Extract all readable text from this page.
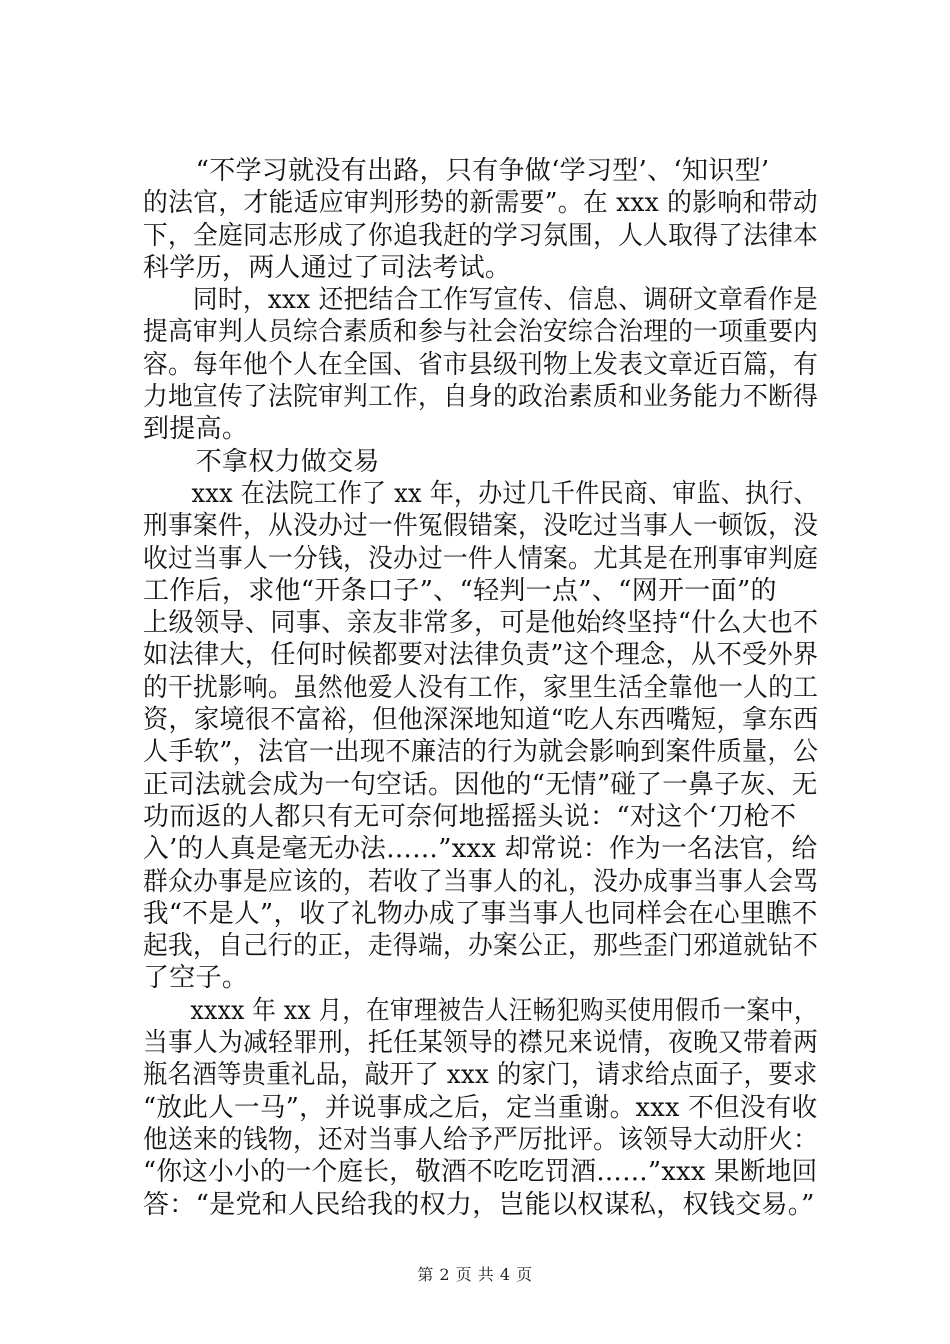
　　“不学习就没有出路，只有争做‘学习型’、‘知识型’
的法官，才能适应审判形势的新需要”。在 xxx 的影响和带动
下，全庭同志形成了你追我赶的学习氛围，人人取得了法律本
科学历，两人通过了司法考试。
　　同时，xxx 还把结合工作写宣传、信息、调研文章看作是
提高审判人员综合素质和参与社会治安综合治理的一项重要内
容。每年他个人在全国、省市县级刊物上发表文章近百篇，有
力地宣传了法院审判工作，自身的政治素质和业务能力不断得
到提高。
　　不拿权力做交易
　　xxx 在法院工作了 xx 年，办过几千件民商、审监、执行、
刑事案件，从没办过一件冤假错案，没吃过当事人一顿饭，没
收过当事人一分钱，没办过一件人情案。尤其是在刑事审判庭
工作后，求他“开条口子”、“轻判一点”、“网开一面”的
上级领导、同事、亲友非常多，可是他始终坚持“什么大也不
如法律大，任何时候都要对法律负责”这个理念，从不受外界
的干扰影响。虽然他爱人没有工作，家里生活全靠他一人的工
资，家境很不富裕，但他深深地知道“吃人东西嘴短，拿东西
人手软”，法官一出现不廉洁的行为就会影响到案件质量，公
正司法就会成为一句空话。因他的“无情”碰了一鼻子灰、无
功而返的人都只有无可奈何地摇摇头说：“对这个‘刀枪不
入’的人真是毫无办法……”xxx 却常说：作为一名法官，给
群众办事是应该的，若收了当事人的礼，没办成事当事人会骂
我“不是人”，收了礼物办成了事当事人也同样会在心里瞧不
起我，自己行的正，走得端，办案公正，那些歪门邪道就钻不
了空子。
　　xxxx 年 xx 月，在审理被告人汪畅犯购买使用假币一案中，
当事人为减轻罪刑，托任某领导的襟兄来说情，夜晚又带着两
瓶名酒等贵重礼品，敲开了 xxx 的家门，请求给点面子，要求
“放此人一马”，并说事成之后，定当重谢。xxx 不但没有收
他送来的钱物，还对当事人给予严厉批评。该领导大动肝火：
“你这小小的一个庭长，敬酒不吃吃罚酒……”xxx 果断地回
答：“是党和人民给我的权力，岂能以权谋私，权钱交易。”
第 2 页 共 4 页
